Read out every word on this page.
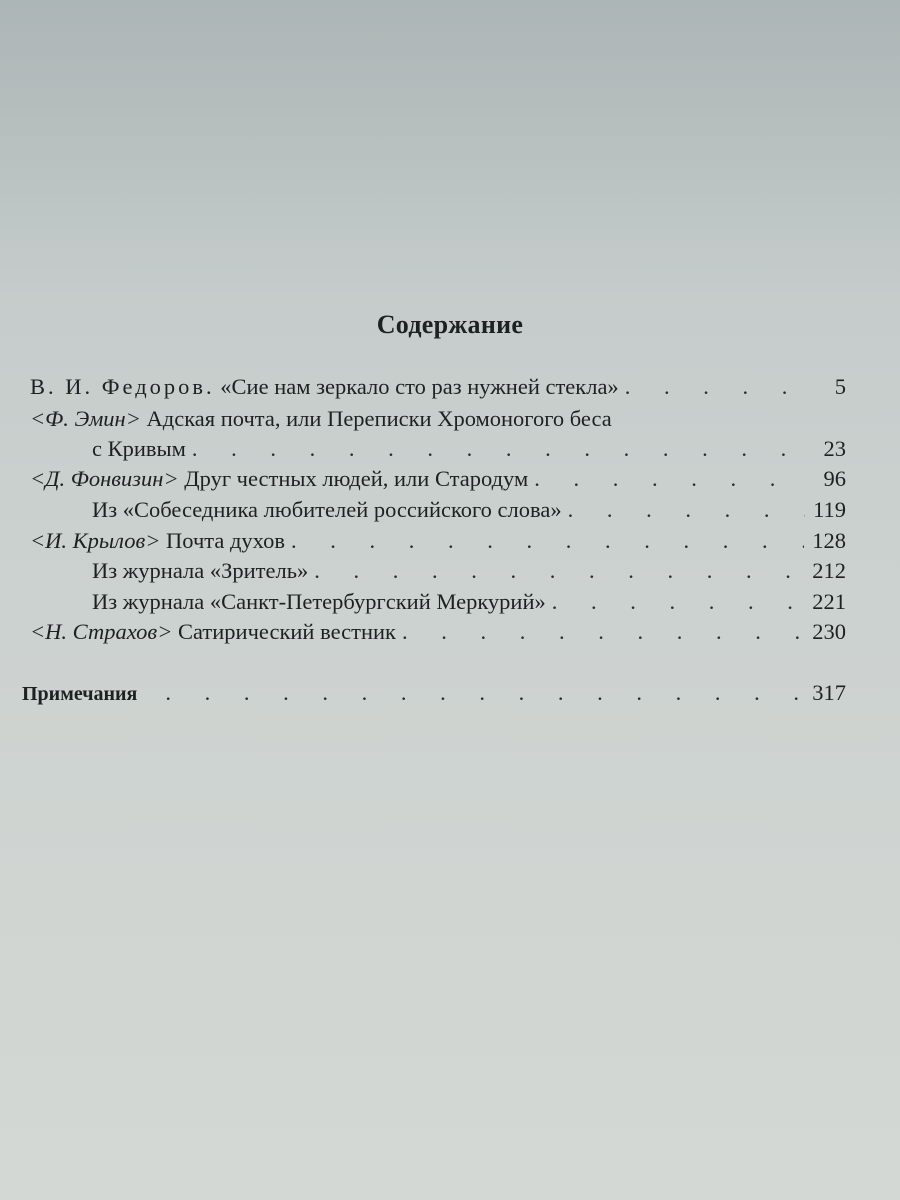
Содержание
В. И. Федоров. «Сие нам зеркало сто раз нужней стекла» . . .	5
<Ф. Эмин> Адская почта, или Переписки Хромоногого беса
с Кривым . . .	23
<Д. Фонвизин> Друг честных людей, или Стародум . . .	96
Из «Собеседника любителей российского слова» . . .	119
<И. Крылов> Почта духов . . .	128
Из журнала «Зритель» . . .	212
Из журнала «Санкт-Петербургский Меркурий» . . .	221
<Н. Страхов> Сатирический вестник . . .	230
Примечания . . .	317
